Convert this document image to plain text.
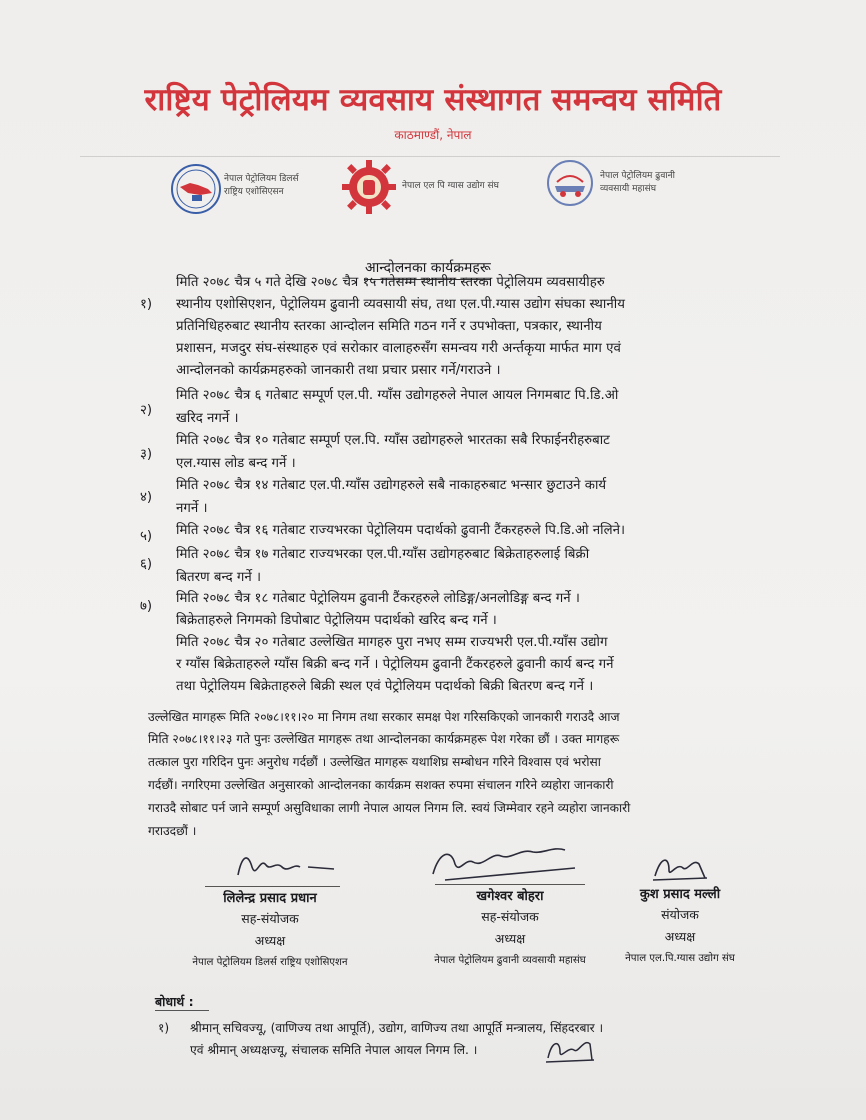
राष्ट्रिय पेट्रोलियम व्यवसाय संस्थागत समन्वय समिति
काठमाण्डौं, नेपाल
नेपाल पेट्रोलियम डिलर्स
राष्ट्रिय एशोसिएसन
नेपाल एल पि ग्यास उद्योग संघ
नेपाल पेट्रोलियम ढुवानी
व्यवसायी महासंघ
आन्दोलनका कार्यक्रमहरू
१)
मिति २०७८ चैत्र ५ गते देखि २०७८ चैत्र १५ गतेसम्म स्थानीय स्तरका पेट्रोलियम व्यवसायीहरु
स्थानीय एशोसिएशन, पेट्रोलियम ढुवानी व्यवसायी संघ, तथा एल.पी.ग्यास उद्योग संघका स्थानीय
प्रतिनिधिहरुबाट स्थानीय स्तरका आन्दोलन समिति गठन गर्ने र उपभोक्ता, पत्रकार, स्थानीय
प्रशासन, मजदुर संघ-संस्थाहरु एवं सरोकार वालाहरुसँग समन्वय गरी अर्न्तकृया मार्फत माग एवं
आन्दोलनको कार्यक्रमहरुको जानकारी तथा प्रचार प्रसार गर्ने/गराउने ।
२)
मिति २०७८ चैत्र ६ गतेबाट सम्पूर्ण एल.पी. ग्याँस उद्योगहरुले नेपाल आयल निगमबाट पि.डि.ओ
खरिद नगर्ने ।
३)
मिति २०७८ चैत्र १० गतेबाट सम्पूर्ण एल.पि. ग्याँस उद्योगहरुले भारतका सबै रिफाईनरीहरुबाट
एल.ग्यास लोड बन्द गर्ने ।
४)
मिति २०७८ चैत्र १४ गतेबाट एल.पी.ग्याँस उद्योगहरुले सबै नाकाहरुबाट भन्सार छुटाउने कार्य
नगर्ने ।
५) मिति २०७८ चैत्र १६ गतेबाट राज्यभरका पेट्रोलियम पदार्थको ढुवानी टैंकरहरुले पि.डि.ओ नलिने।
६)
मिति २०७८ चैत्र १७ गतेबाट राज्यभरका एल.पी.ग्याँस उद्योगहरुबाट बिक्रेताहरुलाई बिक्री
बितरण बन्द गर्ने ।
७)
मिति २०७८ चैत्र १८ गतेबाट पेट्रोलियम ढुवानी टैंकरहरुले लोडिङ्ग/अनलोडिङ्ग बन्द गर्ने ।
बिक्रेताहरुले निगमको डिपोबाट पेट्रोलियम पदार्थको खरिद बन्द गर्ने ।
मिति २०७८ चैत्र २० गतेबाट उल्लेखित मागहरु पुरा नभए सम्म राज्यभरी एल.पी.ग्याँस उद्योग
र ग्याँस बिक्रेताहरुले ग्याँस बिक्री बन्द गर्ने । पेट्रोलियम ढुवानी टैंकरहरुले ढुवानी कार्य बन्द गर्ने
तथा पेट्रोलियम बिक्रेताहरुले बिक्री स्थल एवं पेट्रोलियम पदार्थको बिक्री बितरण बन्द गर्ने ।
उल्लेखित मागहरू मिति २०७८।११।२० मा निगम तथा सरकार समक्ष पेश गरिसकिएको जानकारी गराउदै आज
मिति २०७८।११।२३ गते पुनः उल्लेखित मागहरू तथा आन्दोलनका कार्यक्रमहरू पेश गरेका छौं । उक्त मागहरू
तत्काल पुरा गरिदिन पुनः अनुरोध गर्दछौं । उल्लेखित मागहरू यथाशिघ्र सम्बोधन गरिने विश्वास एवं भरोसा
गर्दछौं। नगरिएमा उल्लेखित अनुसारको आन्दोलनका कार्यक्रम सशक्त रुपमा संचालन गरिने व्यहोरा जानकारी
गराउदै सोबाट पर्न जाने सम्पूर्ण असुविधाका लागी नेपाल आयल निगम लि. स्वयं जिम्मेवार रहने व्यहोरा जानकारी
गराउदछौं ।
लिलेन्द्र प्रसाद प्रधान
सह-संयोजक
अध्यक्ष
नेपाल पेट्रोलियम डिलर्स राष्ट्रिय एशोसिएशन
खगेश्वर बोहरा
सह-संयोजक
अध्यक्ष
नेपाल पेट्रोलियम ढुवानी व्यवसायी महासंघ
कुश प्रसाद मल्ली
संयोजक
अध्यक्ष
नेपाल एल.पि.ग्यास उद्योग संघ
बोधार्थ :
१) श्रीमान् सचिवज्यू, (वाणिज्य तथा आपूर्ति), उद्योग, वाणिज्य तथा आपूर्ति मन्त्रालय, सिंहदरबार ।
एवं श्रीमान् अध्यक्षज्यू, संचालक समिति नेपाल आयल निगम लि. ।
